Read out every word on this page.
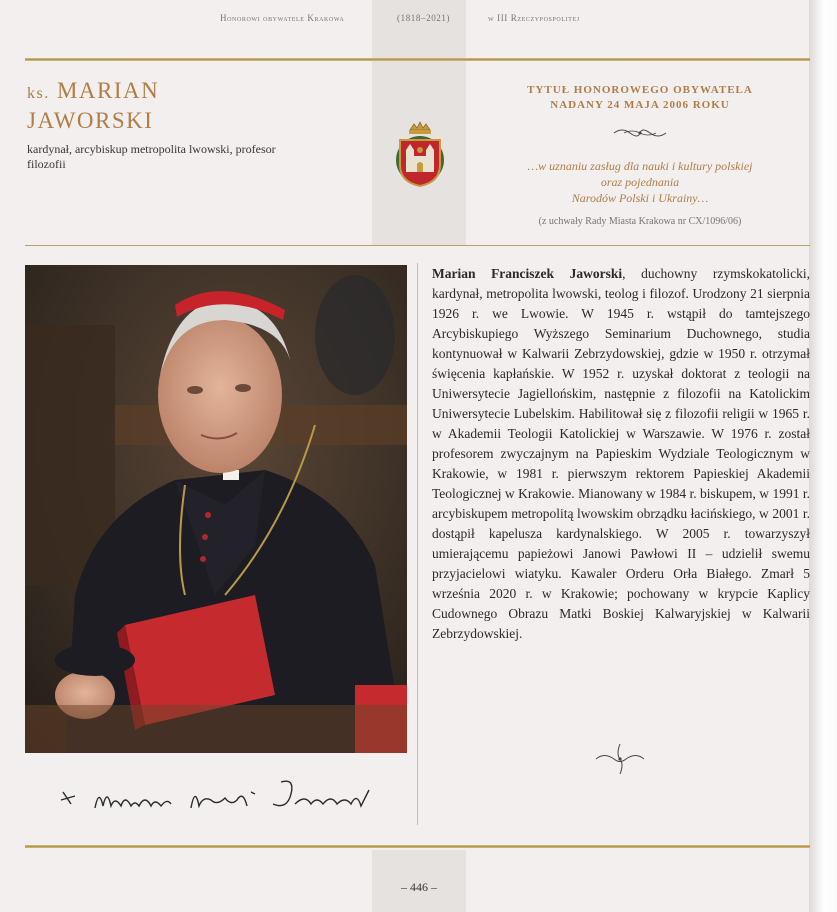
Honorowi obywatele Krakowa	(1818–2021)	w III Rzeczypospolitej
ks. MARIAN
JAWORSKI
kardynał, arcybiskup metropolita lwowski, profesor filozofii
TYTUŁ HONOROWEGO OBYWATELA
NADANY 24 MAJA 2006 ROKU
…w uznaniu zasług dla nauki i kultury polskiej
oraz pojednania
Narodów Polski i Ukrainy…
(z uchwały Rady Miasta Krakowa nr CX/1096/06)
Marian Franciszek Jaworski, duchowny rzymskokatolicki, kardynał, metropolita lwowski, teolog i filozof. Urodzony 21 sierpnia 1926 r. we Lwowie. W 1945 r. wstąpił do tamtejszego Arcybiskupiego Wyższego Seminarium Duchownego, studia kontynuował w Kalwarii Zebrzydowskiej, gdzie w 1950 r. otrzymał święcenia kapłańskie. W 1952 r. uzyskał doktorat z teologii na Uniwersytecie Jagiellońskim, następnie z filozofii na Katolickim Uniwersytecie Lubelskim. Habilitował się z filozofii religii w 1965 r. w Akademii Teologii Katolickiej w Warszawie. W 1976 r. został profesorem zwyczajnym na Papieskim Wydziale Teologicznym w Krakowie, w 1981 r. pierwszym rektorem Papieskiej Akademii Teologicznej w Krakowie. Mianowany w 1984 r. biskupem, w 1991 r. arcybiskupem metropolitą lwowskim obrządku łacińskiego, w 2001 r. dostąpił kapelusza kardynalskiego. W 2005 r. towarzyszył umierającemu papieżowi Janowi Pawłowi II – udzielił swemu przyjacielowi wiatyku. Kawaler Orderu Orła Białego. Zmarł 5 września 2020 r. w Krakowie; pochowany w krypcie Kaplicy Cudownego Obrazu Matki Boskiej Kalwaryjskiej w Kalwarii Zebrzydowskiej.
– 446 –
